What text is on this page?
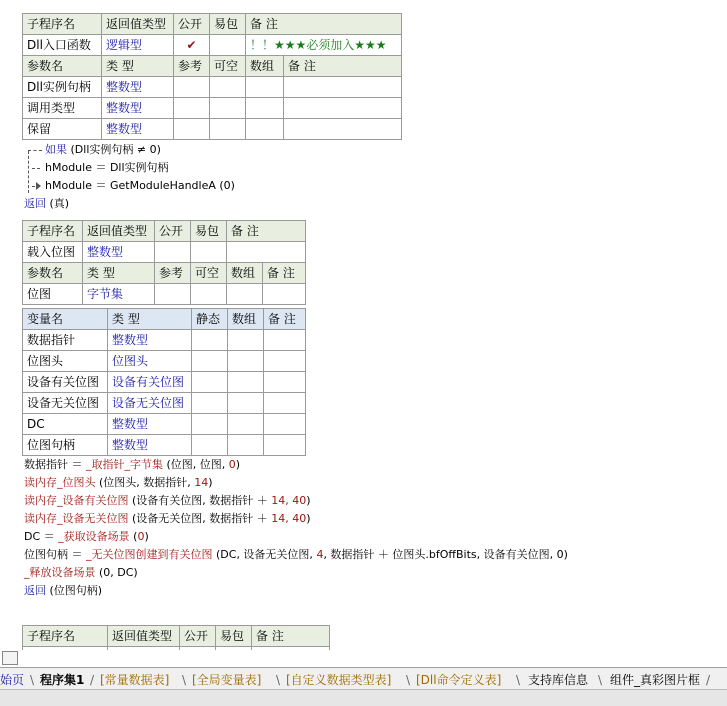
子程序名	返回值类型	公开	易包	备 注
Dll入口函数	逻辑型	✔		！！★★★必须加入★★★
参数名	类 型	参考	可空	数组	备 注
Dll实例句柄	整数型				
调用类型	整数型				
保留	整数型				
如果 (Dll实例句柄 ≠ 0)
hModule ＝ Dll实例句柄
hModule ＝ GetModuleHandleA (0)
返回 (真)
子程序名	返回值类型	公开	易包	备 注
载入位图	整数型			
参数名	类 型	参考	可空	数组	备 注
位图	字节集				
变量名	类 型	静态	数组	备 注
数据指针	整数型			
位图头	位图头			
设备有关位图	设备有关位图			
设备无关位图	设备无关位图			
DC	整数型			
位图句柄	整数型			
数据指针 ＝ _取指针_字节集 (位图, 位图, 0)
读内存_位图头 (位图头, 数据指针, 14)
读内存_设备有关位图 (设备有关位图, 数据指针 ＋ 14, 40)
读内存_设备无关位图 (设备无关位图, 数据指针 ＋ 14, 40)
DC ＝ _获取设备场景 (0)
位图句柄 ＝ _无关位图创建到有关位图 (DC, 设备无关位图, 4, 数据指针 ＋ 位图头.bfOffBits, 设备有关位图, 0)
_释放设备场景 (0, DC)
返回 (位图句柄)
子程序名	返回值类型	公开	易包	备 注

始页 \ 程序集1 / [常量数据表] \ [全局变量表] \ [自定义数据类型表] \ [Dll命令定义表] \ 支持库信息 \ 组件_真彩图片框 /
